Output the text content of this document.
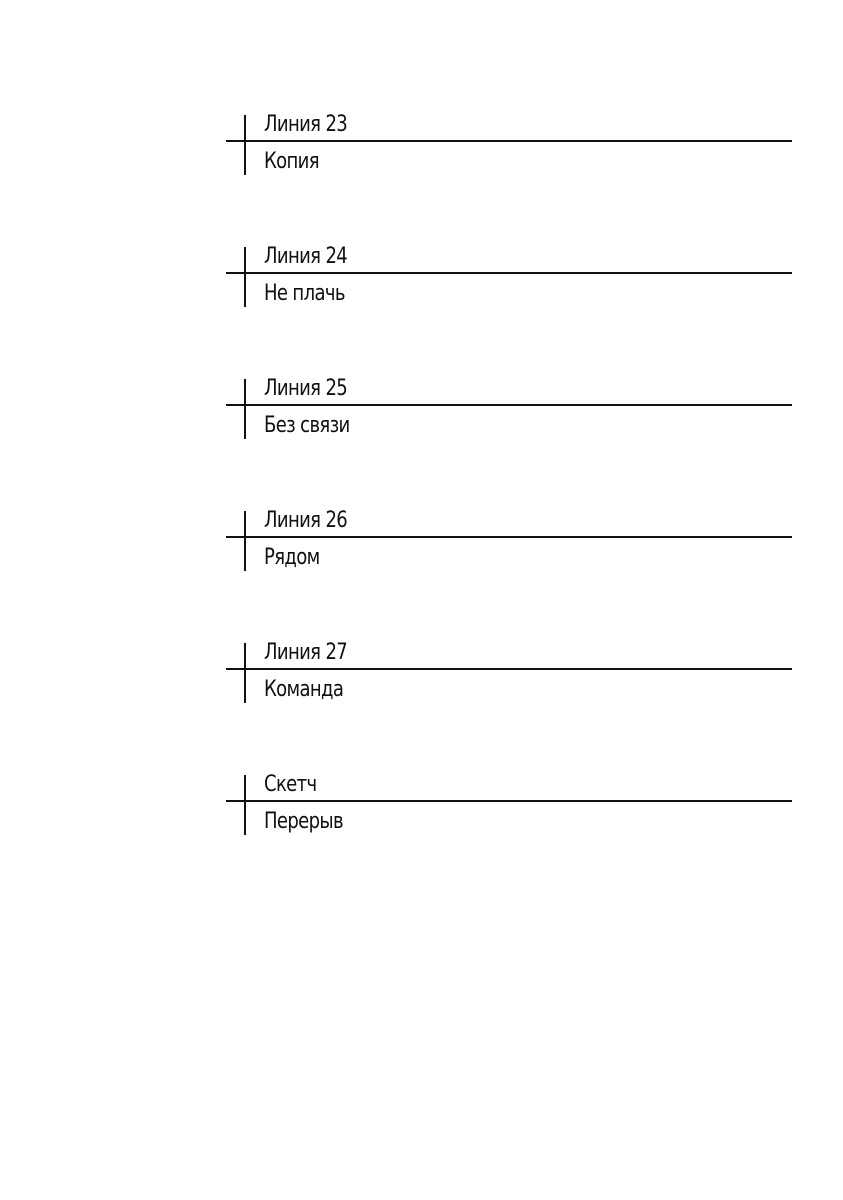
Линия 23
Копия
Линия 24
Не плачь
Линия 25
Без связи
Линия 26
Рядом
Линия 27
Команда
Скетч
Перерыв
